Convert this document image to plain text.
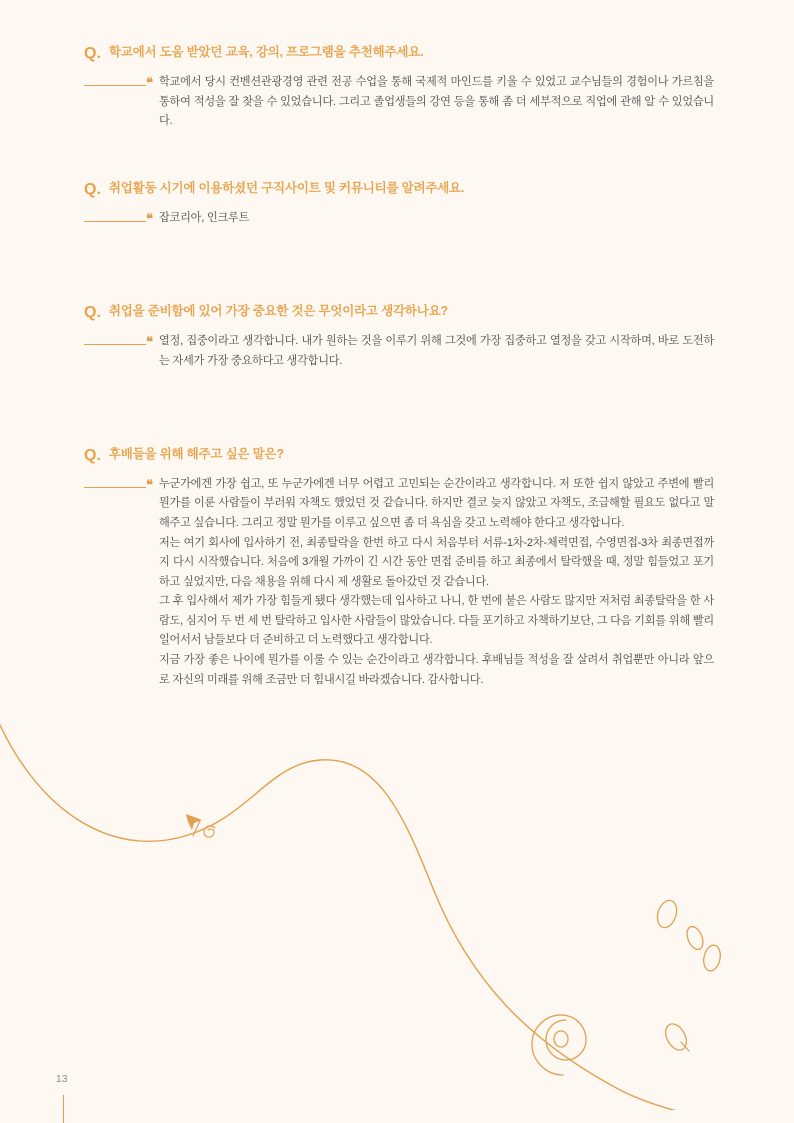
Q. 학교에서 도움 받았던 교육, 강의, 프로그램을 추천해주세요.
❝ 학교에서 당시 컨벤션관광경영 관련 전공 수업을 통해 국제적 마인드를 키울 수 있었고 교수님들의 경험이나 가르침을 통하여 적성을 잘 찾을 수 있었습니다. 그리고 졸업생들의 강연 등을 통해 좀 더 세부적으로 직업에 관해 알 수 있었습니다.

Q. 취업활동 시기에 이용하셨던 구직사이트 및 커뮤니티를 알려주세요.
❝ 잡코리아, 인크루트

Q. 취업을 준비함에 있어 가장 중요한 것은 무엇이라고 생각하나요?
❝ 열정, 집중이라고 생각합니다. 내가 원하는 것을 이루기 위해 그것에 가장 집중하고 열정을 갖고 시작하며, 바로 도전하는 자세가 가장 중요하다고 생각합니다.

Q. 후배들을 위해 해주고 싶은 말은?
❝ 누군가에겐 가장 쉽고, 또 누군가에겐 너무 어렵고 고민되는 순간이라고 생각합니다. 저 또한 쉽지 않았고 주변에 빨리 뭔가를 이룬 사람들이 부러워 자책도 했었던 것 같습니다. 하지만 결코 늦지 않았고 자책도, 조급해할 필요도 없다고 말해주고 싶습니다. 그리고 정말 뭔가를 이루고 싶으면 좀 더 욕심을 갖고 노력해야 한다고 생각합니다.

저는 여기 회사에 입사하기 전, 최종탈락을 한번 하고 다시 처음부터 서류-1차-2차-체력면접, 수영면접-3차 최종면접까지 다시 시작했습니다. 처음에 3개월 가까이 긴 시간 동안 면접 준비를 하고 최종에서 탈락했을 때, 정말 힘들었고 포기하고 싶었지만, 다음 채용을 위해 다시 제 생활로 돌아갔던 것 같습니다.

그 후 입사해서 제가 가장 힘들게 됐다 생각했는데 입사하고 나니, 한 번에 붙은 사람도 많지만 저처럼 최종탈락을 한 사람도, 심지어 두 번 세 번 탈락하고 입사한 사람들이 많았습니다. 다들 포기하고 자책하기보단, 그 다음 기회를 위해 빨리 일어서서 남들보다 더 준비하고 더 노력했다고 생각합니다.

지금 가장 좋은 나이에 뭔가를 이룰 수 있는 순간이라고 생각합니다. 후배님들 적성을 잘 살려서 취업뿐만 아니라 앞으로 자신의 미래를 위해 조금만 더 힘내시길 바라겠습니다. 감사합니다.

13
